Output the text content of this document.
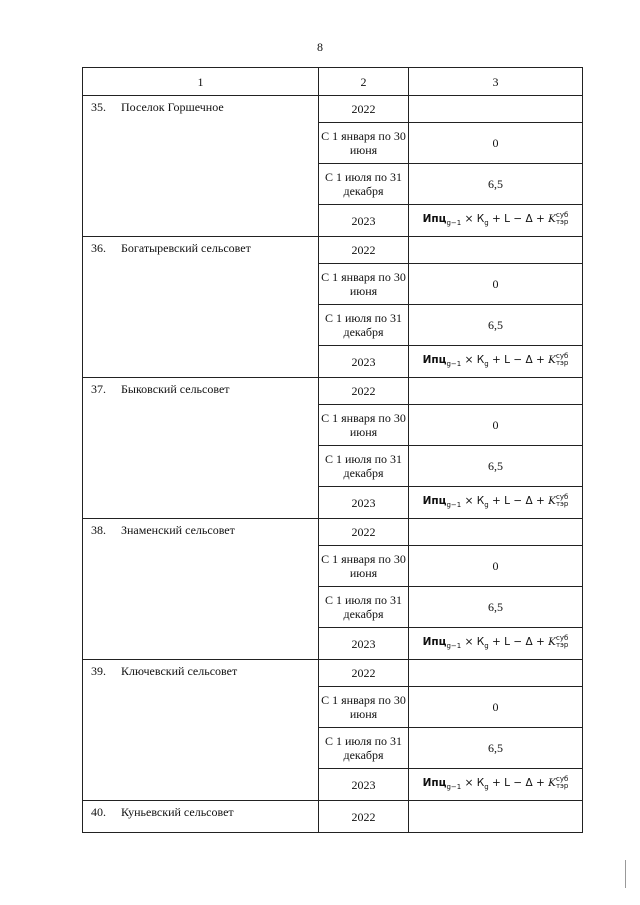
8
1	2	3
35. Поселок Горшечное	2022	
	С 1 января по 30 июня	0
	С 1 июля по 31 декабря	6,5
	2023	$Ипц_{g-1} \times К_g + L - \Delta$ + Kсуб
тэр
36. Богатыревский сельсовет	2022	
	С 1 января по 30 июня	0
	С 1 июля по 31 декабря	6,5
	2023	$Ипц_{g-1} \times К_g + L - \Delta$ + Kсуб
тэр
37. Быковский сельсовет	2022	
	С 1 января по 30 июня	0
	С 1 июля по 31 декабря	6,5
	2023	$Ипц_{g-1} \times К_g + L - \Delta$ + Kсуб
тэр
38. Знаменский сельсовет	2022	
	С 1 января по 30 июня	0
	С 1 июля по 31 декабря	6,5
	2023	$Ипц_{g-1} \times К_g + L - \Delta$ + Kсуб
тэр
39. Ключевский сельсовет	2022	
	С 1 января по 30 июня	0
	С 1 июля по 31 декабря	6,5
	2023	$Ипц_{g-1} \times К_g + L - \Delta$ + Kсуб
тэр
40. Куньевский сельсовет	2022	
